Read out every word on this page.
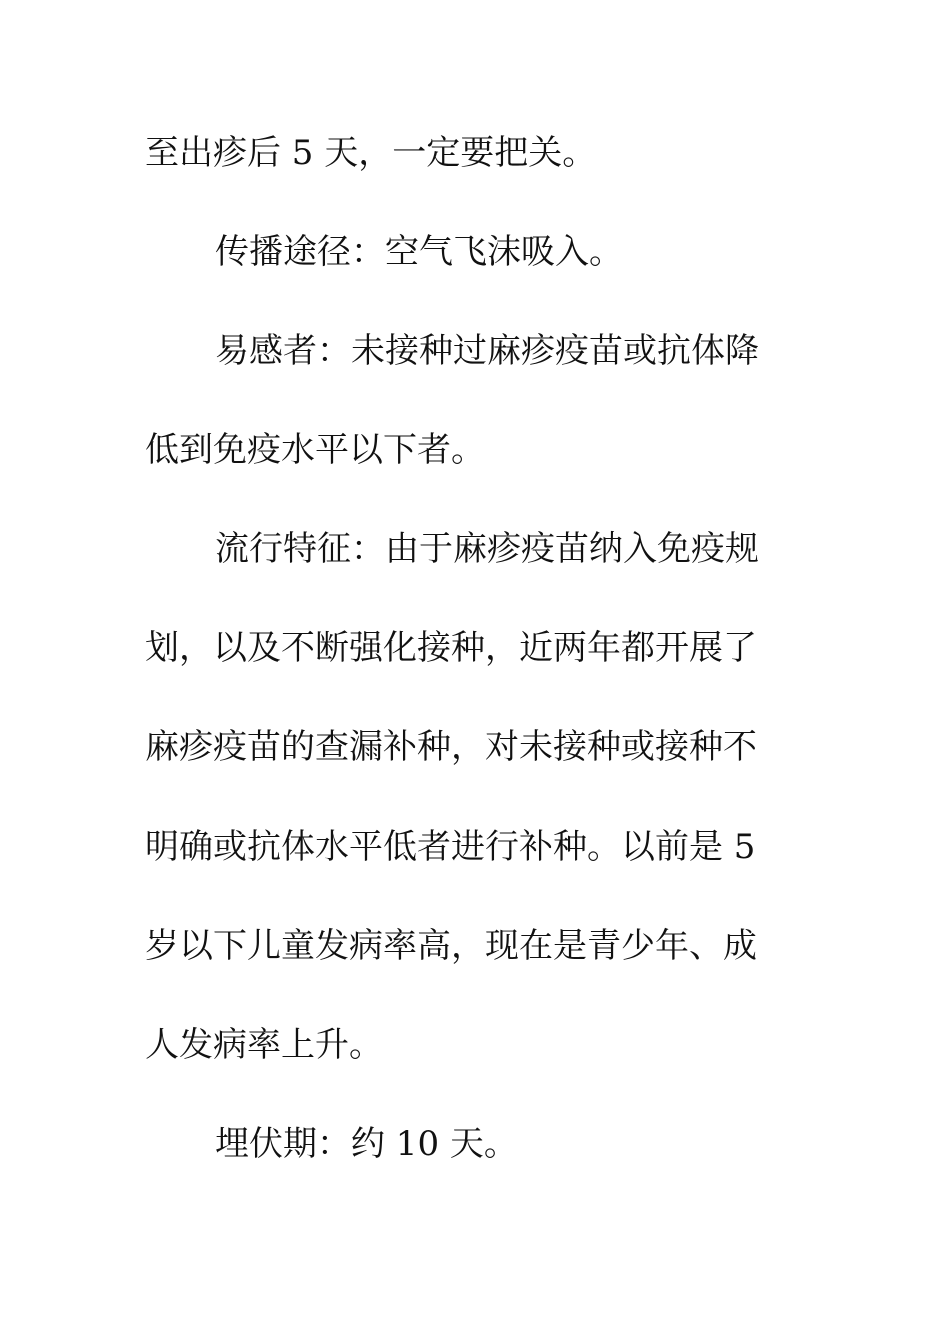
至出疹后 5 天，一定要把关。
传播途径：空气飞沫吸入。
易感者：未接种过麻疹疫苗或抗体降
低到免疫水平以下者。
流行特征：由于麻疹疫苗纳入免疫规
划，以及不断强化接种，近两年都开展了
麻疹疫苗的查漏补种，对未接种或接种不
明确或抗体水平低者进行补种。以前是 5
岁以下儿童发病率高，现在是青少年、成
人发病率上升。
埋伏期：约 10 天。
